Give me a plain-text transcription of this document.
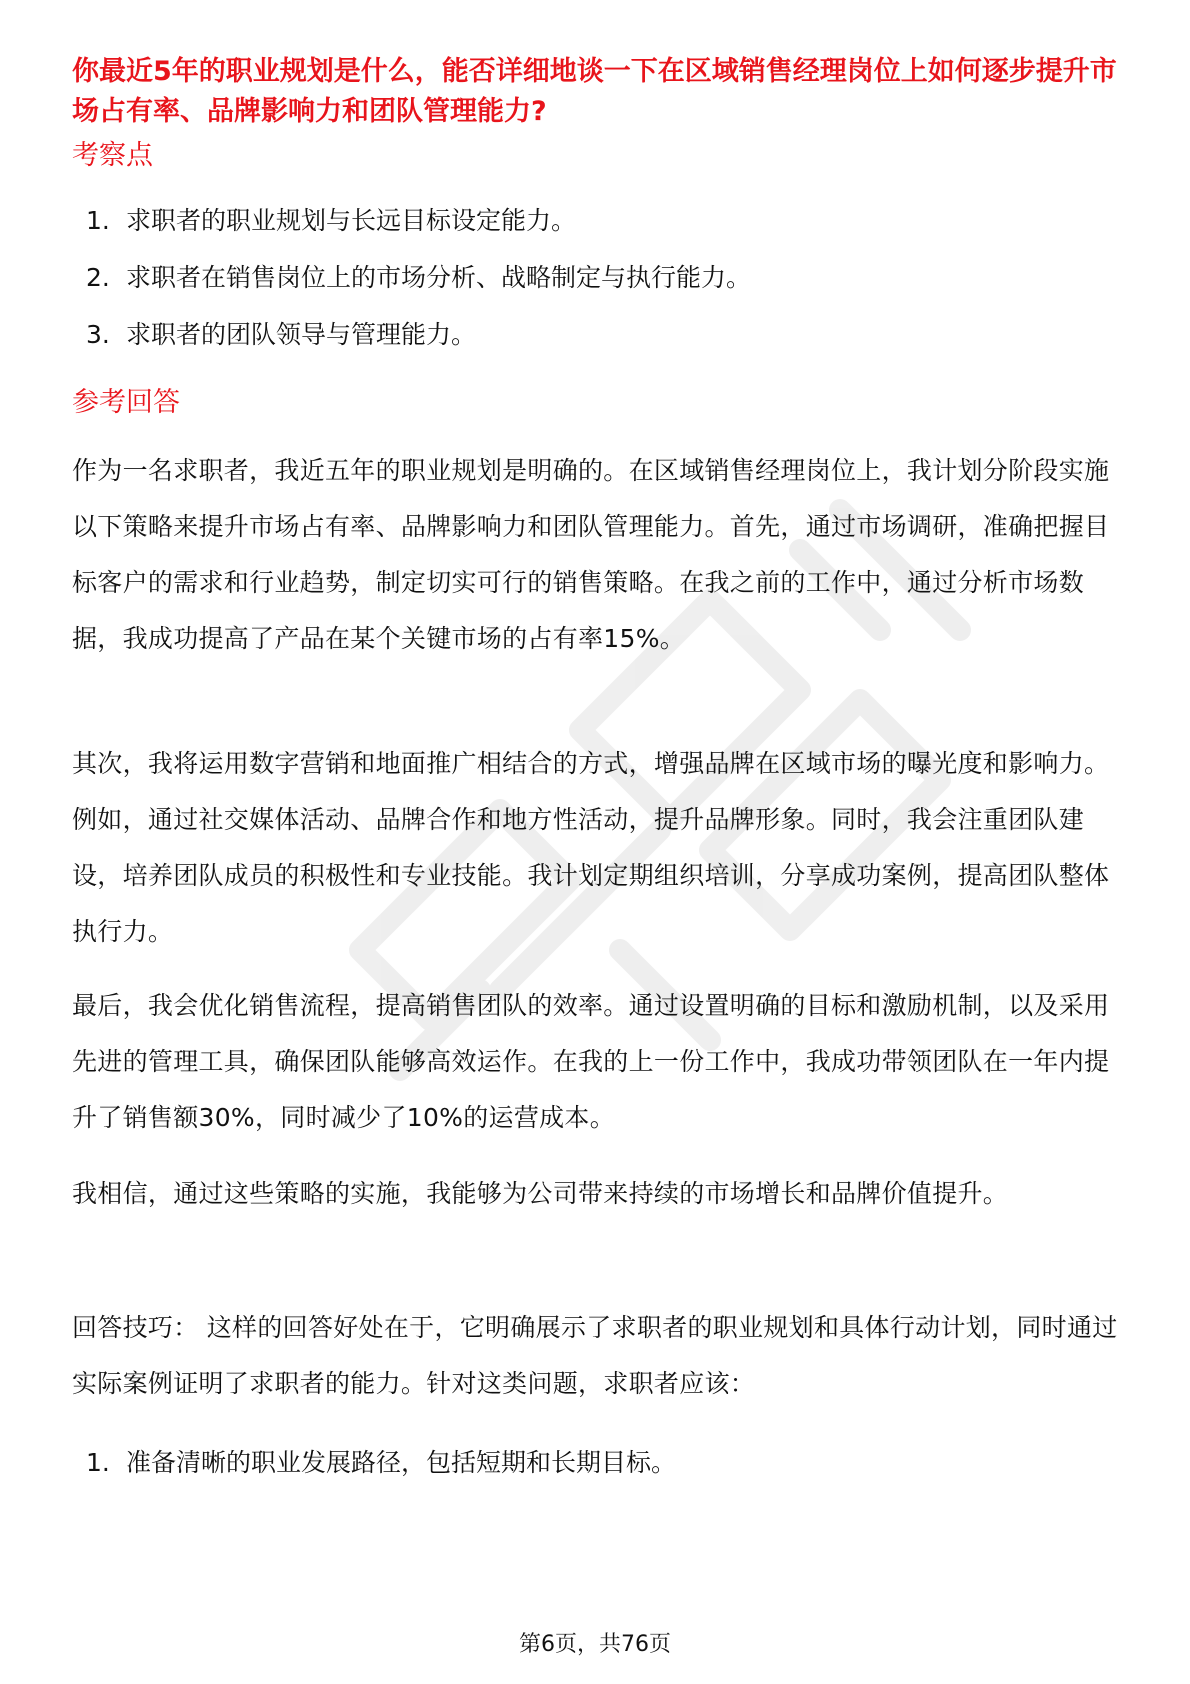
你最近5年的职业规划是什么，能否详细地谈一下在区域销售经理岗位上如何逐步提升市场占有率、品牌影响力和团队管理能力?

考察点
1. 求职者的职业规划与长远目标设定能力。
2. 求职者在销售岗位上的市场分析、战略制定与执行能力。
3. 求职者的团队领导与管理能力。
参考回答

作为一名求职者，我近五年的职业规划是明确的。在区域销售经理岗位上，我计划分阶段实施以下策略来提升市场占有率、品牌影响力和团队管理能力。首先，通过市场调研，准确把握目标客户的需求和行业趋势，制定切实可行的销售策略。在我之前的工作中，通过分析市场数据，我成功提高了产品在某个关键市场的占有率15%。

其次，我将运用数字营销和地面推广相结合的方式，增强品牌在区域市场的曝光度和影响力。例如，通过社交媒体活动、品牌合作和地方性活动，提升品牌形象。同时，我会注重团队建设，培养团队成员的积极性和专业技能。我计划定期组织培训，分享成功案例，提高团队整体执行力。

最后，我会优化销售流程，提高销售团队的效率。通过设置明确的目标和激励机制，以及采用先进的管理工具，确保团队能够高效运作。在我的上一份工作中，我成功带领团队在一年内提升了销售额30%，同时减少了10%的运营成本。

我相信，通过这些策略的实施，我能够为公司带来持续的市场增长和品牌价值提升。

回答技巧： 这样的回答好处在于，它明确展示了求职者的职业规划和具体行动计划，同时通过实际案例证明了求职者的能力。针对这类问题，求职者应该：

1. 准备清晰的职业发展路径，包括短期和长期目标。
第6页，共76页
